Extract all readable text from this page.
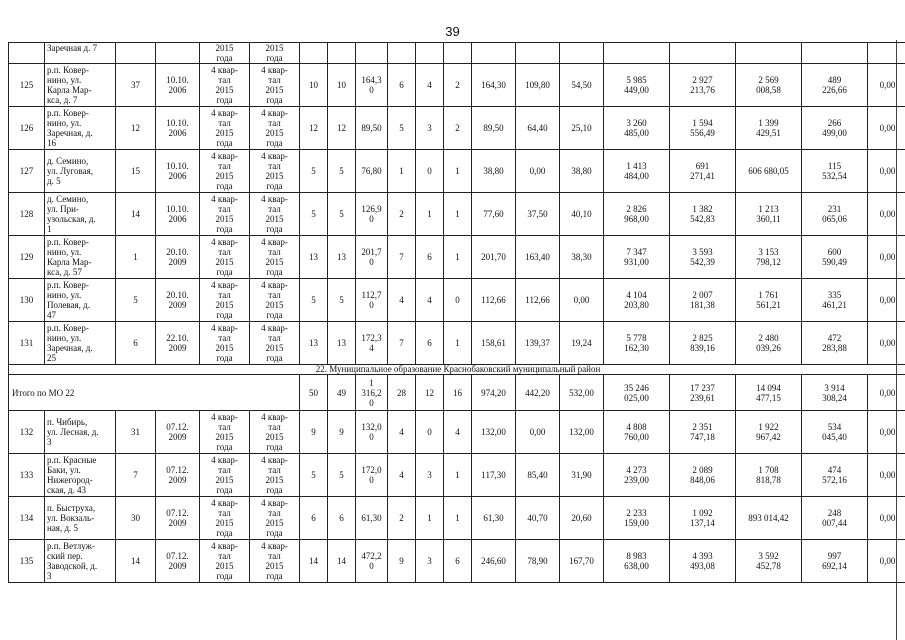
39
	Заречная д. 7			2015
года	2015
года														
125	р.п. Ковер-
нино, ул.
Карла Мар-
кса, д. 7	37	10.10.
2006	4 квар-
тал
2015
года	4 квар-
тал
2015
года	10	10	164,3
0	6	4	2	164,30	109,80	54,50	5 985
449,00	2 927
213,76	2 569
008,58	489
226,66	0,00
126	р.п. Ковер-
нино, ул.
Заречная, д.
16	12	10.10.
2006	4 квар-
тал
2015
года	4 квар-
тал
2015
года	12	12	89,50	5	3	2	89,50	64,40	25,10	3 260
485,00	1 594
556,49	1 399
429,51	266
499,00	0,00
127	д. Семино,
ул. Луговая,
д. 5	15	10.10.
2006	4 квар-
тал
2015
года	4 квар-
тал
2015
года	5	5	76,80	1	0	1	38,80	0,00	38,80	1 413
484,00	691
271,41	606 680,05	115
532,54	0,00
128	д. Семино,
ул. При-
узольская, д.
1	14	10.10.
2006	4 квар-
тал
2015
года	4 квар-
тал
2015
года	5	5	126,9
0	2	1	1	77,60	37,50	40,10	2 826
968,00	1 382
542,83	1 213
360,11	231
065,06	0,00
129	р.п. Ковер-
нино, ул.
Карла Мар-
кса, д. 57	1	20.10.
2009	4 квар-
тал
2015
года	4 квар-
тал
2015
года	13	13	201,7
0	7	6	1	201,70	163,40	38,30	7 347
931,00	3 593
542,39	3 153
798,12	600
590,49	0,00
130	р.п. Ковер-
нино, ул.
Полевая, д.
47	5	20.10.
2009	4 квар-
тал
2015
года	4 квар-
тал
2015
года	5	5	112,7
0	4	4	0	112,66	112,66	0,00	4 104
203,80	2 007
181,38	1 761
561,21	335
461,21	0,00
131	р.п. Ковер-
нино, ул.
Заречная, д.
25	6	22.10.
2009	4 квар-
тал
2015
года	4 квар-
тал
2015
года	13	13	172,3
4	7	6	1	158,61	139,37	19,24	5 778
162,30	2 825
839,16	2 480
039,26	472
283,88	0,00
22. Муниципальное образование Краснобаковский муниципальный район																			
Итого по МО 22						50	49	1
316,2
0	28	12	16	974,20	442,20	532,00	35 246
025,00	17 237
239,61	14 094
477,15	3 914
308,24	0,00
132	п. Чибирь,
ул. Лесная, д.
3	31	07.12.
2009	4 квар-
тал
2015
года	4 квар-
тал
2015
года	9	9	132,0
0	4	0	4	132,00	0,00	132,00	4 808
760,00	2 351
747,18	1 922
967,42	534
045,40	0,00
133	р.п. Красные
Баки, ул.
Нижегород-
ская, д. 43	7	07.12.
2009	4 квар-
тал
2015
года	4 квар-
тал
2015
года	5	5	172,0
0	4	3	1	117,30	85,40	31,90	4 273
239,00	2 089
848,06	1 708
818,78	474
572,16	0,00
134	п. Быструха,
ул. Вокзаль-
ная, д. 5	30	07.12.
2009	4 квар-
тал
2015
года	4 квар-
тал
2015
года	6	6	61,30	2	1	1	61,30	40,70	20,60	2 233
159,00	1 092
137,14	893 014,42	248
007,44	0,00
135	р.п. Ветлуж-
ский пер.
Заводской, д.
3	14	07.12.
2009	4 квар-
тал
2015
года	4 квар-
тал
2015
года	14	14	472,2
0	9	3	6	246,60	78,90	167,70	8 983
638,00	4 393
493,08	3 592
452,78	997
692,14	0,00
